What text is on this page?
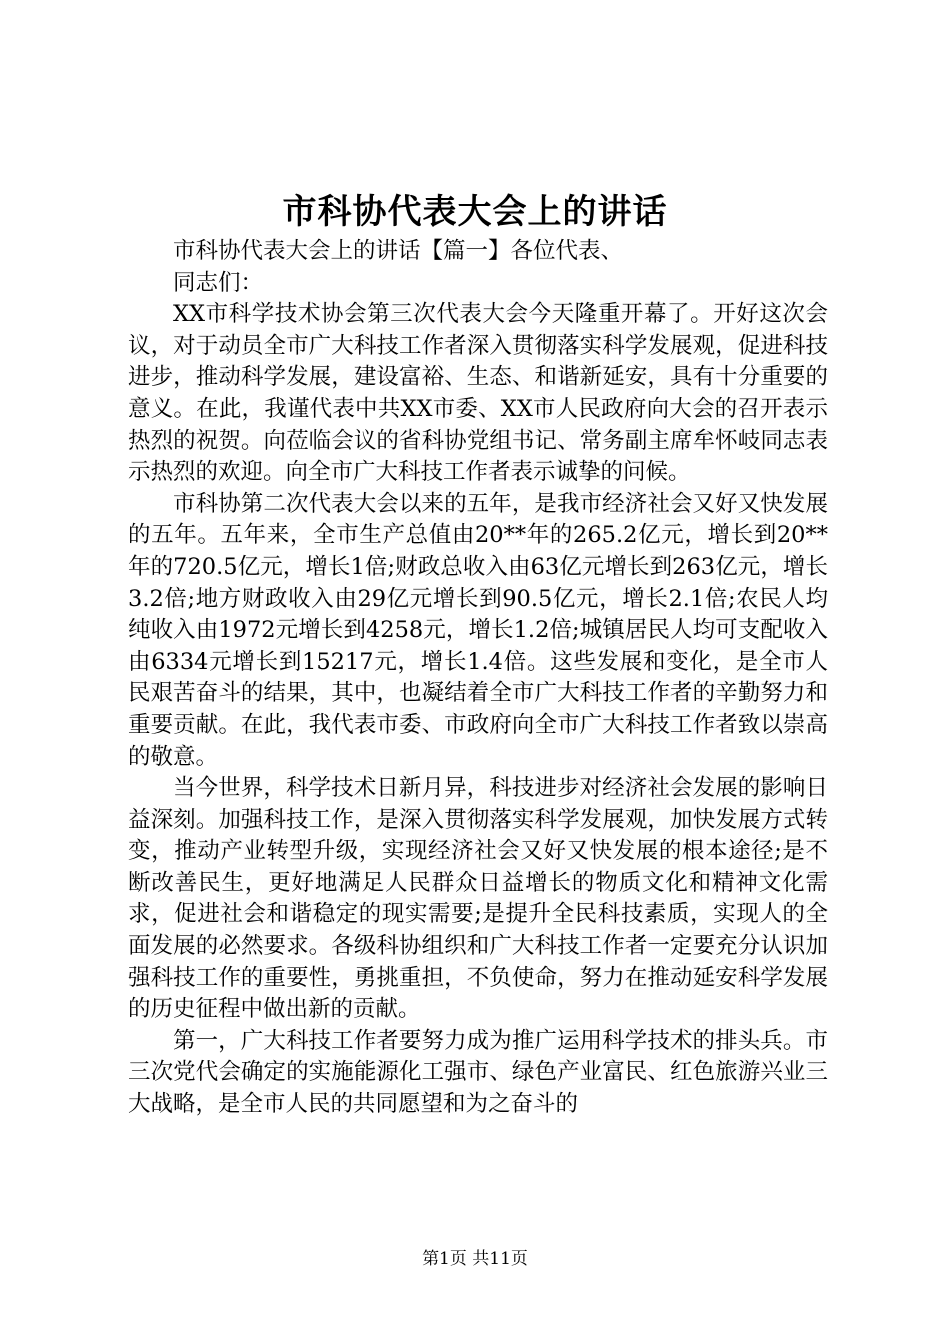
市科协代表大会上的讲话

市科协代表大会上的讲话【篇一】各位代表、

同志们：

XX市科学技术协会第三次代表大会今天隆重开幕了。开好这次会议，对于动员全市广大科技工作者深入贯彻落实科学发展观，促进科技进步，推动科学发展，建设富裕、生态、和谐新延安，具有十分重要的意义。在此，我谨代表中共XX市委、XX市人民政府向大会的召开表示热烈的祝贺。向莅临会议的省科协党组书记、常务副主席牟怀岐同志表示热烈的欢迎。向全市广大科技工作者表示诚挚的问候。

市科协第二次代表大会以来的五年，是我市经济社会又好又快发展的五年。五年来，全市生产总值由20**年的265.2亿元，增长到20**年的720.5亿元，增长1倍;财政总收入由63亿元增长到263亿元，增长3.2倍;地方财政收入由29亿元增长到90.5亿元，增长2.1倍;农民人均纯收入由1972元增长到4258元，增长1.2倍;城镇居民人均可支配收入由6334元增长到15217元，增长1.4倍。这些发展和变化，是全市人民艰苦奋斗的结果，其中，也凝结着全市广大科技工作者的辛勤努力和重要贡献。在此，我代表市委、市政府向全市广大科技工作者致以崇高的敬意。

当今世界，科学技术日新月异，科技进步对经济社会发展的影响日益深刻。加强科技工作，是深入贯彻落实科学发展观，加快发展方式转变，推动产业转型升级，实现经济社会又好又快发展的根本途径;是不断改善民生，更好地满足人民群众日益增长的物质文化和精神文化需求，促进社会和谐稳定的现实需要;是提升全民科技素质，实现人的全面发展的必然要求。各级科协组织和广大科技工作者一定要充分认识加强科技工作的重要性，勇挑重担，不负使命，努力在推动延安科学发展的历史征程中做出新的贡献。

第一，广大科技工作者要努力成为推广运用科学技术的排头兵。市三次党代会确定的实施能源化工强市、绿色产业富民、红色旅游兴业三大战略，是全市人民的共同愿望和为之奋斗的

第1页 共11页
